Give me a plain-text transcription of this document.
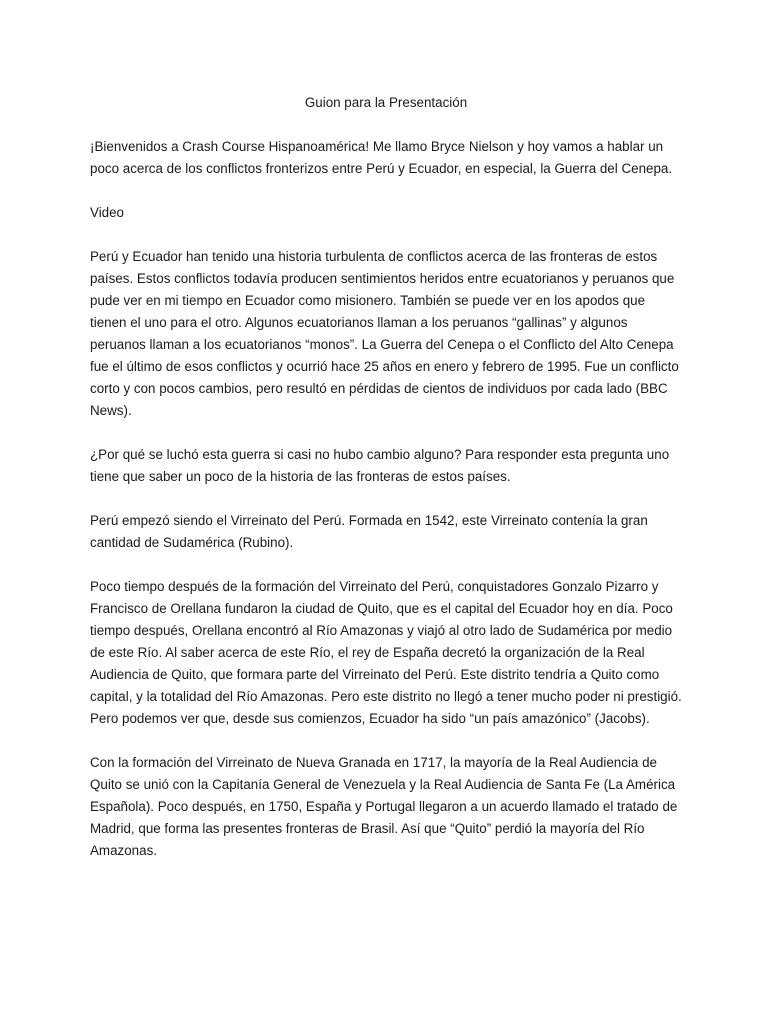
Guion para la Presentación

¡Bienvenidos a Crash Course Hispanoamérica! Me llamo Bryce Nielson y hoy vamos a hablar un poco acerca de los conflictos fronterizos entre Perú y Ecuador, en especial, la Guerra del Cenepa.

Video

Perú y Ecuador han tenido una historia turbulenta de conflictos acerca de las fronteras de estos países. Estos conflictos todavía producen sentimientos heridos entre ecuatorianos y peruanos que pude ver en mi tiempo en Ecuador como misionero. También se puede ver en los apodos que tienen el uno para el otro. Algunos ecuatorianos llaman a los peruanos “gallinas” y algunos peruanos llaman a los ecuatorianos “monos”. La Guerra del Cenepa o el Conflicto del Alto Cenepa fue el último de esos conflictos y ocurrió hace 25 años en enero y febrero de 1995. Fue un conflicto corto y con pocos cambios, pero resultó en pérdidas de cientos de individuos por cada lado (BBC News).

¿Por qué se luchó esta guerra si casi no hubo cambio alguno? Para responder esta pregunta uno tiene que saber un poco de la historia de las fronteras de estos países.

Perú empezó siendo el Virreinato del Perú. Formada en 1542, este Virreinato contenía la gran cantidad de Sudamérica (Rubino).

Poco tiempo después de la formación del Virreinato del Perú, conquistadores Gonzalo Pizarro y Francisco de Orellana fundaron la ciudad de Quito, que es el capital del Ecuador hoy en día. Poco tiempo después, Orellana encontró al Río Amazonas y viajó al otro lado de Sudamérica por medio de este Río. Al saber acerca de este Río, el rey de España decretó la organización de la Real Audiencia de Quito, que formara parte del Virreinato del Perú. Este distrito tendría a Quito como capital, y la totalidad del Río Amazonas. Pero este distrito no llegó a tener mucho poder ni prestigió. Pero podemos ver que, desde sus comienzos, Ecuador ha sido “un país amazónico” (Jacobs).

Con la formación del Virreinato de Nueva Granada en 1717, la mayoría de la Real Audiencia de Quito se unió con la Capitanía General de Venezuela y la Real Audiencia de Santa Fe (La América Española). Poco después, en 1750, España y Portugal llegaron a un acuerdo llamado el tratado de Madrid, que forma las presentes fronteras de Brasil. Así que “Quito” perdió la mayoría del Río Amazonas.
